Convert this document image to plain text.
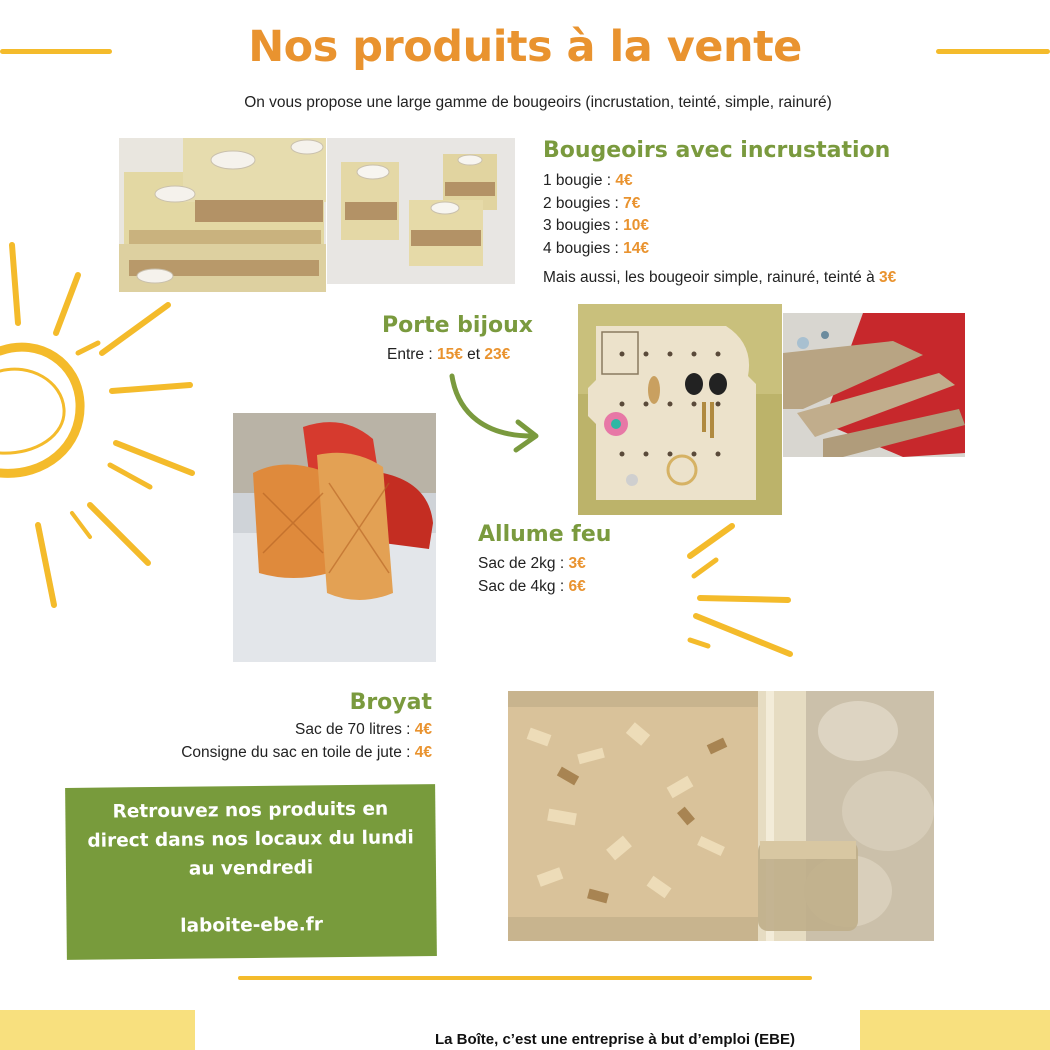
Nos produits à la vente

On vous propose une large gamme de bougeoirs (incrustation, teinté, simple, rainuré)

Bougeoirs avec incrustation
1 bougie : 4€
2 bougies : 7€
3 bougies : 10€
4 bougies : 14€
Mais aussi, les bougeoir simple, rainuré, teinté à 3€
Porte bijoux
Entre : 15€ et 23€
Allume feu
Sac de 2kg : 3€
Sac de 4kg : 6€
Broyat
Sac de 70 litres : 4€
Consigne du sac en toile de jute : 4€
Retrouvez nos produits en direct dans nos locaux du lundi au vendredi
laboite-ebe.fr
La Boîte, c’est une entreprise à but d’emploi (EBE)
